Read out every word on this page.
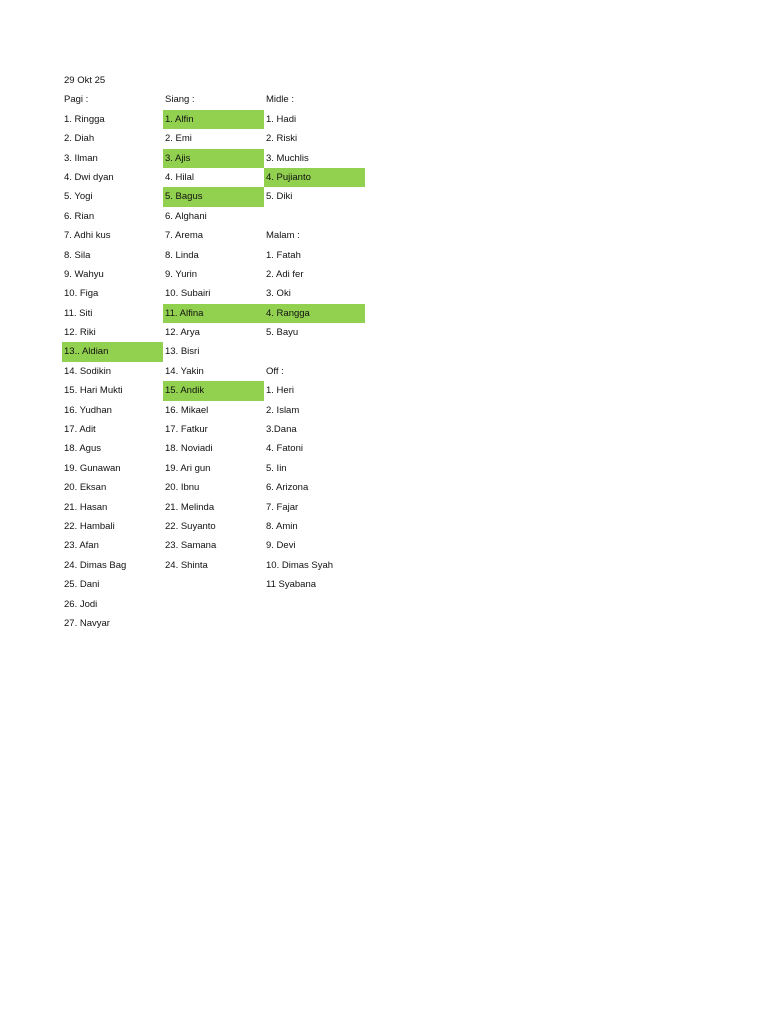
29 Okt 25
Pagi :
1. Ringga
2. Diah
3. Ilman
4. Dwi dyan
5. Yogi
6. Rian
7. Adhi kus
8. Sila
9. Wahyu
10. Figa
11. Siti
12. Riki
13.. Aldian
14. Sodikin
15. Hari Mukti
16. Yudhan
17. Adit
18. Agus
19. Gunawan
20. Eksan
21. Hasan
22. Hambali
23. Afan
24. Dimas Bag
25. Dani
26. Jodi
27. Navyar
Siang :
1. Alfin
2. Emi
3. Ajis
4. Hilal
5. Bagus
6. Alghani
7. Arema
8. Linda
9. Yurin
10. Subairi
11. Alfina
12. Arya
13. Bisri
14. Yakin
15. Andik
16. Mikael
17. Fatkur
18. Noviadi
19. Ari gun
20. Ibnu
21. Melinda
22. Suyanto
23. Samana
24. Shinta
Midle :
1. Hadi
2. Riski
3. Muchlis
4. Pujianto
5. Diki
Malam :
1. Fatah
2. Adi fer
3. Oki
4. Rangga
5. Bayu
Off :
1. Heri
2. Islam
3.Dana
4. Fatoni
5. Iin
6. Arizona
7. Fajar
8. Amin
9. Devi
10. Dimas Syah
11 Syabana
